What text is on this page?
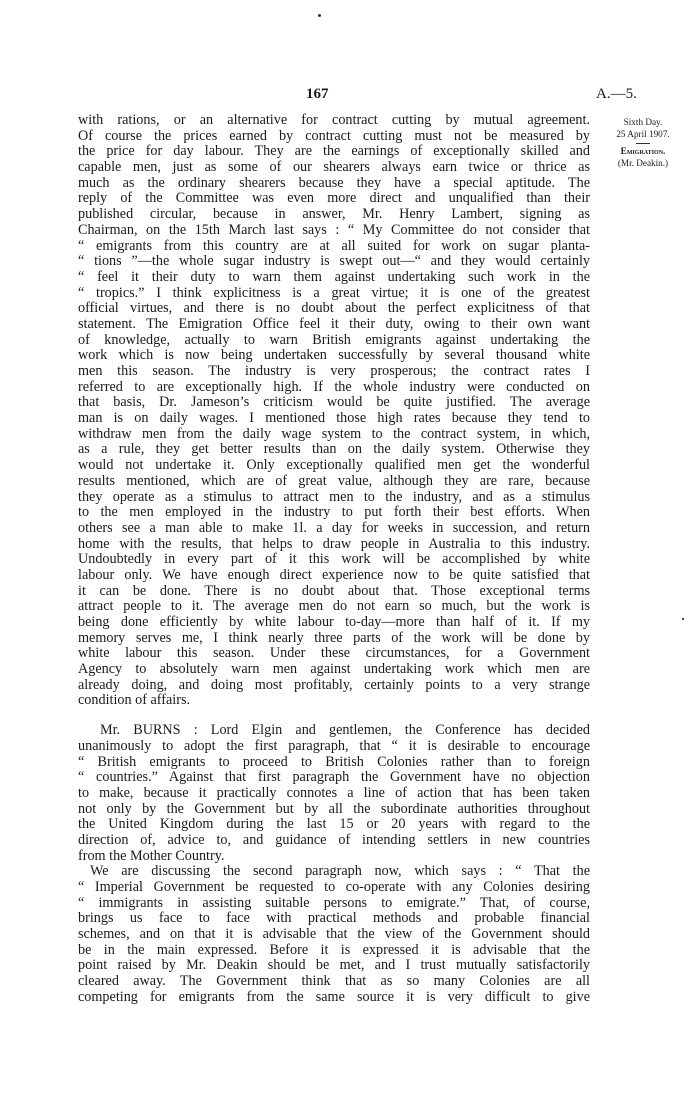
167	A.—5.
Sixth Day.
25 April 1907.
Emigration.
(Mr. Deakin.)
with rations, or an alternative for contract cutting by mutual agreement.
Of course the prices earned by contract cutting must not be measured by
the price for day labour. They are the earnings of exceptionally skilled and
capable men, just as some of our shearers always earn twice or thrice as
much as the ordinary shearers because they have a special aptitude. The
reply of the Committee was even more direct and unqualified than their
published circular, because in answer, Mr. Henry Lambert, signing as
Chairman, on the 15th March last says : “ My Committee do not consider that
“ emigrants from this country are at all suited for work on sugar planta-
“ tions ”—the whole sugar industry is swept out—“ and they would certainly
“ feel it their duty to warn them against undertaking such work in the
“ tropics.” I think explicitness is a great virtue; it is one of the greatest
official virtues, and there is no doubt about the perfect explicitness of that
statement. The Emigration Office feel it their duty, owing to their own want
of knowledge, actually to warn British emigrants against undertaking the
work which is now being undertaken successfully by several thousand white
men this season. The industry is very prosperous; the contract rates I
referred to are exceptionally high. If the whole industry were conducted on
that basis, Dr. Jameson’s criticism would be quite justified. The average
man is on daily wages. I mentioned those high rates because they tend to
withdraw men from the daily wage system to the contract system, in which,
as a rule, they get better results than on the daily system. Otherwise they
would not undertake it. Only exceptionally qualified men get the wonderful
results mentioned, which are of great value, although they are rare, because
they operate as a stimulus to attract men to the industry, and as a stimulus
to the men employed in the industry to put forth their best efforts. When
others see a man able to make 1l. a day for weeks in succession, and return
home with the results, that helps to draw people in Australia to this industry.
Undoubtedly in every part of it this work will be accomplished by white
labour only. We have enough direct experience now to be quite satisfied that
it can be done. There is no doubt about that. Those exceptional terms
attract people to it. The average men do not earn so much, but the work is
being done efficiently by white labour to-day—more than half of it. If my
memory serves me, I think nearly three parts of the work will be done by
white labour this season. Under these circumstances, for a Government
Agency to absolutely warn men against undertaking work which men are
already doing, and doing most profitably, certainly points to a very strange
condition of affairs.
Mr. BURNS : Lord Elgin and gentlemen, the Conference has decided
unanimously to adopt the first paragraph, that “ it is desirable to encourage
“ British emigrants to proceed to British Colonies rather than to foreign
“ countries.” Against that first paragraph the Government have no objection
to make, because it practically connotes a line of action that has been taken
not only by the Government but by all the subordinate authorities throughout
the United Kingdom during the last 15 or 20 years with regard to the
direction of, advice to, and guidance of intending settlers in new countries
from the Mother Country.
We are discussing the second paragraph now, which says : “ That the
“ Imperial Government be requested to co-operate with any Colonies desiring
“ immigrants in assisting suitable persons to emigrate.” That, of course,
brings us face to face with practical methods and probable financial
schemes, and on that it is advisable that the view of the Government should
be in the main expressed. Before it is expressed it is advisable that the
point raised by Mr. Deakin should be met, and I trust mutually satisfactorily
cleared away. The Government think that as so many Colonies are all
competing for emigrants from the same source it is very difficult to give
